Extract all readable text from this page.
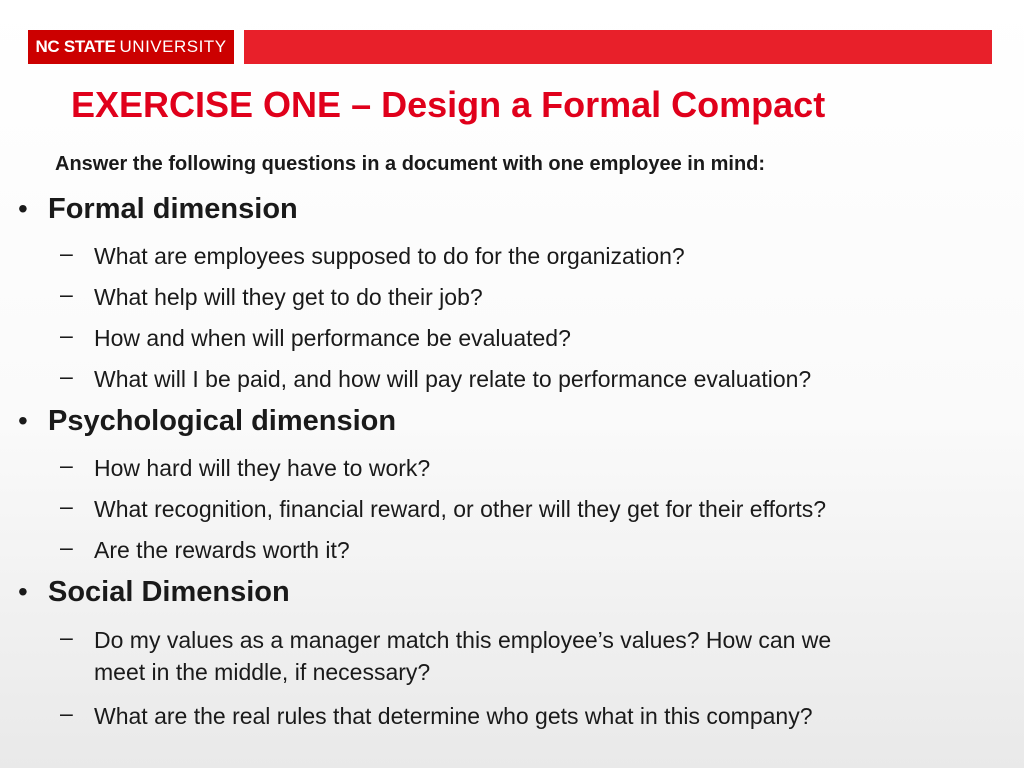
NC STATE UNIVERSITY
EXERCISE ONE – Design a Formal Compact
Answer the following questions in a document with one employee in mind:
• Formal dimension
– What are employees supposed to do for the organization?
– What help will they get to do their job?
– How and when will performance be evaluated?
– What will I be paid, and how will pay relate to performance evaluation?
• Psychological dimension
– How hard will they have to work?
– What recognition, financial reward, or other will they get for their efforts?
– Are the rewards worth it?
• Social Dimension
– Do my values as a manager match this employee’s values? How can we
meet in the middle, if necessary?
– What are the real rules that determine who gets what in this company?
